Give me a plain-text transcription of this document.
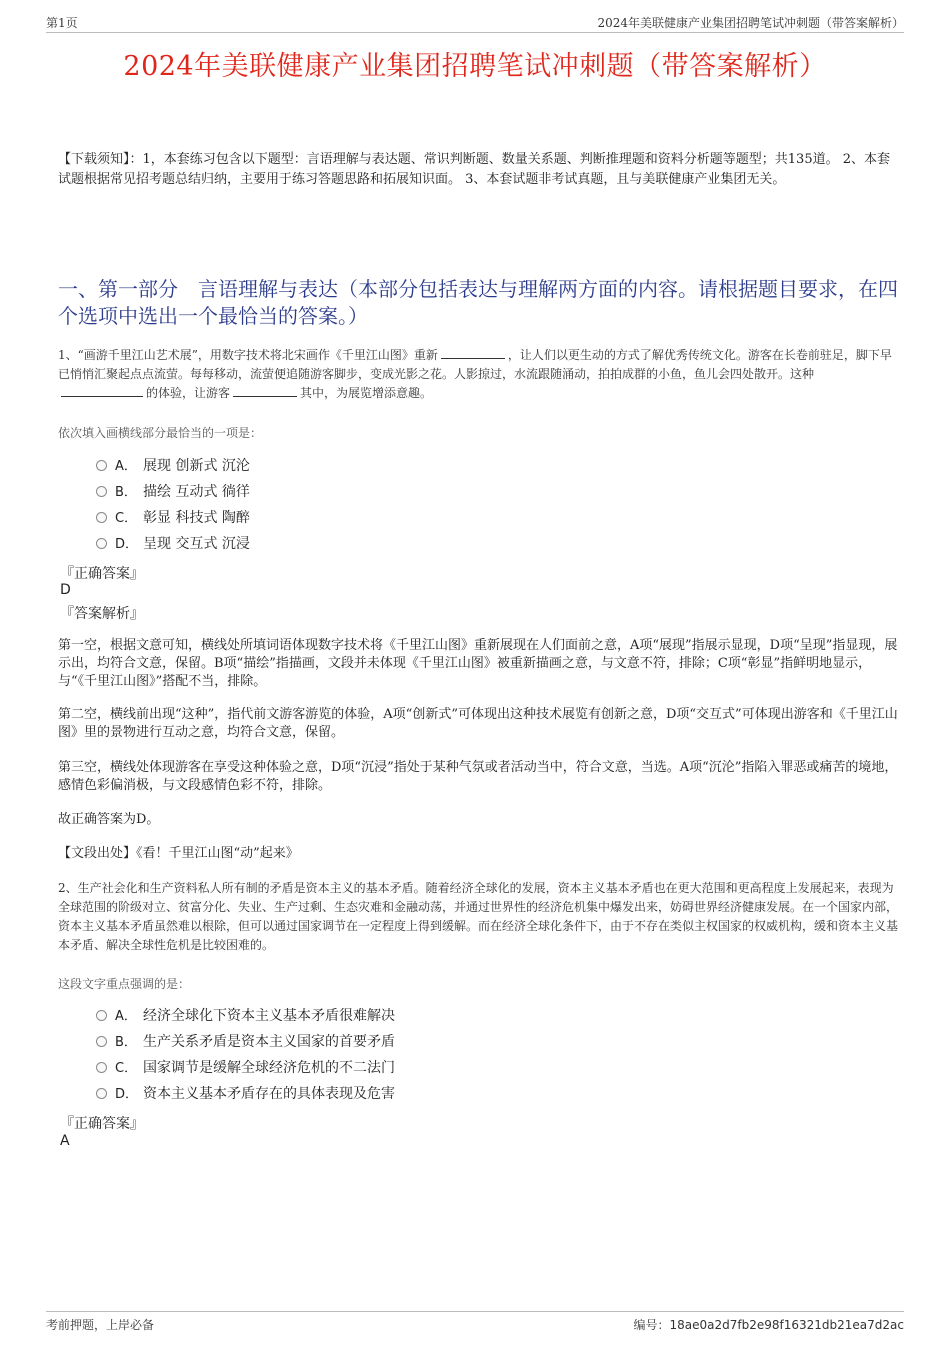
第1页	2024年美联健康产业集团招聘笔试冲刺题（带答案解析）
2024年美联健康产业集团招聘笔试冲刺题（带答案解析）
【下载须知】：1，本套练习包含以下题型：言语理解与表达题、常识判断题、数量关系题、判断推理题和资料分析题等题型；共135道。 2、本套试题根据常见招考题总结归纳，主要用于练习答题思路和拓展知识面。 3、本套试题非考试真题，且与美联健康产业集团无关。
一、第一部分　言语理解与表达（本部分包括表达与理解两方面的内容。请根据题目要求，在四个选项中选出一个最恰当的答案。）
1、“画游千里江山艺术展”，用数字技术将北宋画作《千里江山图》重新	，让人们以更生动的方式了解优秀传统文化。游客在长卷前驻足，脚下早已悄悄汇聚起点点流萤。每每移动，流萤便追随游客脚步，变成光影之花。人影掠过，水流跟随涌动，拍拍成群的小鱼，鱼儿会四处散开。这种的体验，让游客	其中，为展览增添意趣。
依次填入画横线部分最恰当的一项是：
A． 展现 创新式 沉沦
B． 描绘 互动式 徜徉
C． 彰显 科技式 陶醉
D． 呈现 交互式 沉浸
『正确答案』
D
『答案解析』
第一空，根据文意可知，横线处所填词语体现数字技术将《千里江山图》重新展现在人们面前之意，A项“展现”指展示显现，D项“呈现”指显现，展示出，均符合文意，保留。B项“描绘”指描画，文段并未体现《千里江山图》被重新描画之意，与文意不符，排除；C项“彰显”指鲜明地显示，与“《千里江山图》”搭配不当，排除。
第二空，横线前出现“这种”，指代前文游客游览的体验，A项“创新式”可体现出这种技术展览有创新之意，D项“交互式”可体现出游客和《千里江山图》里的景物进行互动之意，均符合文意，保留。
第三空，横线处体现游客在享受这种体验之意，D项“沉浸”指处于某种气氛或者活动当中，符合文意，当选。A项“沉沦”指陷入罪恶或痛苦的境地，感情色彩偏消极，与文段感情色彩不符，排除。
故正确答案为D。
【文段出处】《看！千里江山图“动”起来》
2、生产社会化和生产资料私人所有制的矛盾是资本主义的基本矛盾。随着经济全球化的发展，资本主义基本矛盾也在更大范围和更高程度上发展起来，表现为全球范围的阶级对立、贫富分化、失业、生产过剩、生态灾难和金融动荡，并通过世界性的经济危机集中爆发出来，妨碍世界经济健康发展。在一个国家内部，资本主义基本矛盾虽然难以根除，但可以通过国家调节在一定程度上得到缓解。而在经济全球化条件下，由于不存在类似主权国家的权威机构，缓和资本主义基本矛盾、解决全球性危机是比较困难的。
这段文字重点强调的是：
A． 经济全球化下资本主义基本矛盾很难解决
B． 生产关系矛盾是资本主义国家的首要矛盾
C． 国家调节是缓解全球经济危机的不二法门
D． 资本主义基本矛盾存在的具体表现及危害
『正确答案』
A
考前押题，上岸必备	编号：18ae0a2d7fb2e98f16321db21ea7d2ac
